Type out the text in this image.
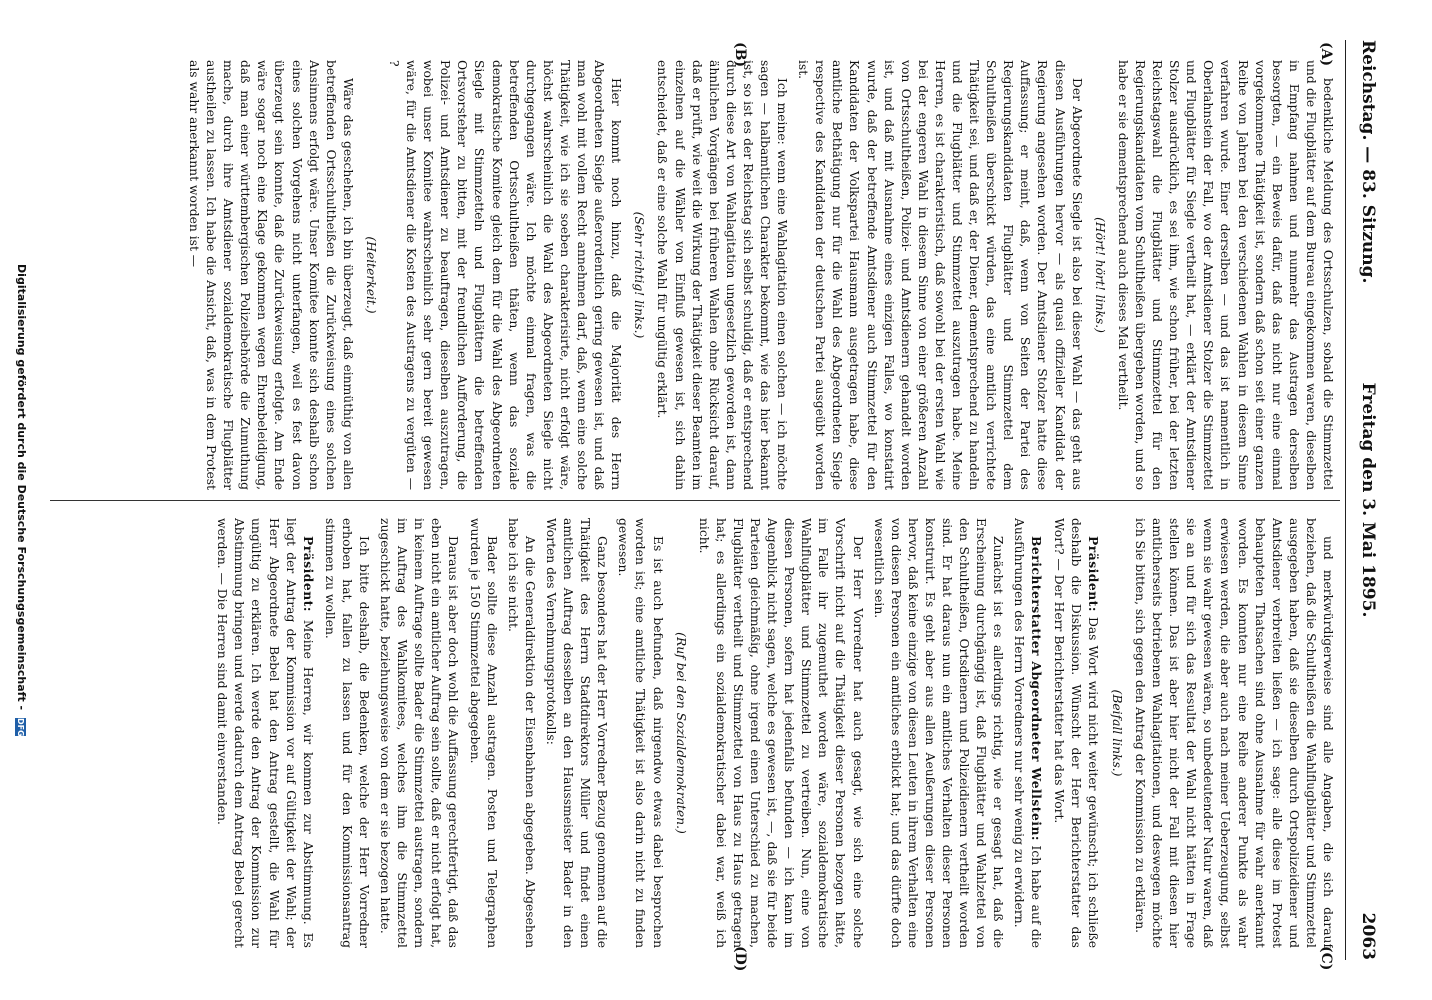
Reichstag. — 83. Sitzung.
Freitag den 3. Mai 1895.
2063
(A)
(B)
(C)
(D)

bedenkliche Meldung des Ortsschulzen, sobald die Stimmzettel und die Flugblätter auf dem Bureau eingekommen waren, dieselben in Empfang nahmen und nunmehr das Austragen derselben besorgten, — ein Beweis dafür, daß das nicht nur eine einmal vorgekommene Thätigkeit ist, sondern daß schon seit einer ganzen Reihe von Jahren bei den verschiedenen Wahlen in diesem Sinne verfahren wurde. Einer derselben — und das ist namentlich in Oberlahnstein der Fall, wo der Amtsdiener Stolzer die Stimmzettel und Flugblätter für Siegle vertheilt hat, — erklärt der Amtsdiener Stolzer ausdrücklich, es sei ihm, wie schon früher, bei der letzten Reichstagswahl die Flugblätter und Stimmzettel für den Regierungskandidaten vom Schultheißen übergeben worden, und so habe er sie dementsprechend auch dieses Mal vertheilt.

(Hört! hört! links.)

Der Abgeordnete Siegle ist also bei dieser Wahl — das geht aus diesen Ausführungen hervor — als quasi offizieller Kandidat der Regierung angesehen worden. Der Amtsdiener Stolzer hatte diese Auffassung; er meint, daß, wenn von Seiten der Partei des Regierungskandidaten Flugblätter und Stimmzettel dem Schultheißen überschickt würden, das eine amtlich verrichtete Thätigkeit sei, und daß er, der Diener, dementsprechend zu handeln und die Flugblätter und Stimmzettel auszutragen habe. Meine Herren, es ist charakteristisch, daß sowohl bei der ersten Wahl wie bei der engeren Wahl in diesem Sinne von einer größeren Anzahl von Ortsschultheißen, Polizei- und Amtsdienern gehandelt worden ist, und daß mit Ausnahme eines einzigen Falles, wo konstatirt wurde, daß der betreffende Amtsdiener auch Stimmzettel für den Kandidaten der Volkspartei Hausmann ausgetragen habe, diese amtliche Bethätigung nur für die Wahl des Abgeordneten Siegle respective des Kandidaten der deutschen Partei ausgeübt worden ist.

Ich meine: wenn eine Wahlagitation einen solchen — ich möchte sagen — halbamtlichen Charakter bekommt, wie das hier bekannt ist, so ist es der Reichstag sich selbst schuldig, daß er entsprechend durch diese Art von Wahlagitation ungesetzlich geworden ist, dann ähnlichen Vorgängen bei früheren Wahlen ohne Rücksicht darauf, daß er prüft, wie weit die Wirkung der Thätigkeit dieser Beamten im einzelnen auf die Wähler von Einfluß gewesen ist, sich dahin entscheidet, daß er eine solche Wahl für ungültig erklärt.

(Sehr richtig! links.)

Hier kommt noch hinzu, daß die Majorität des Herrn Abgeordneten Siegle außerordentlich gering gewesen ist, und daß man wohl mit vollem Recht annehmen darf, daß, wenn eine solche Thätigkeit, wie ich sie soeben charakterisirte, nicht erfolgt wäre, höchst wahrscheinlich die Wahl des Abgeordneten Siegle nicht durchgegangen wäre. Ich möchte einmal fragen, was die betreffenden Ortsschultheißen thäten, wenn das soziale demokratische Komitee gleich dem für die Wahl des Abgeordneten Siegle mit Stimmzetteln und Flugblättern die betreffenden Ortsvorsteher zu bitten, mit der freundlichen Aufforderung, die Polizei- und Amtsdiener zu beauftragen, dieselben auszutragen, wobei unser Komitee wahrscheinlich sehr gern bereit gewesen wäre, für die Amtsdiener die Kosten des Austragens zu vergüten — ?

(Heiterkeit.)

Wäre das geschehen, ich bin überzeugt, daß einmüthig von allen betreffenden Ortsschultheißen die Zurückweisung eines solchen Ansinnens erfolgt wäre. Unser Komitee konnte sich deshalb schon eines solchen Vorgehens nicht unterfangen, weil es fest davon überzeugt sein konnte, daß die Zurückweisung erfolgte. Am Ende wäre sogar noch eine Klage gekommen wegen Ehrenbeleidigung, daß man einer württembergischen Polizeibehörde die Zumuthung mache, durch ihre Amtsdiener sozialdemokratische Flugblätter austheilen zu lassen. Ich habe die Ansicht, daß, was in dem Protest als wahr anerkannt worden ist —

und merkwürdigerweise sind alle Angaben, die sich darauf beziehen, daß die Schultheißen die Wahlflugblätter und Stimmzettel ausgegeben haben, daß sie dieselben durch Ortspolizeidiener und Amtsdiener verbreiten ließen — ich sage: alle diese im Protest behaupteten Thatsachen sind ohne Ausnahme für wahr anerkannt worden. Es konnten nur eine Reihe anderer Punkte als wahr erwiesen werden, die aber auch nach meiner Ueberzeugung, selbst wenn sie wahr gewesen wären, so unbedeutender Natur waren, daß sie an und für sich das Resultat der Wahl nicht hätten in Frage stellen können. Das ist aber hier nicht der Fall mit diesen hier amtlicherseits betriebenen Wahlagitationen, und deswegen möchte ich Sie bitten, sich gegen den Antrag der Kommission zu erklären.

(Beifall links.)

Präsident: Das Wort wird nicht weiter gewünscht; ich schließe deshalb die Diskussion. Wünscht der Herr Berichterstatter das Wort? — Der Herr Berichterstatter hat das Wort.

Berichterstatter Abgeordneter Wellstein: Ich habe auf die Ausführungen des Herrn Vorredners nur sehr wenig zu erwidern.

Zunächst ist es allerdings richtig, wie er gesagt hat, daß die Erscheinung durchgängig ist, daß Flugblätter und Wahlzettel von den Schultheißen, Ortsdienern und Polizeidienern vertheilt worden sind. Er hat daraus nun ein amtliches Verhalten dieser Personen konstruirt. Es geht aber aus allen Aeußerungen dieser Personen hervor, daß keine einzige von diesen Leuten in ihrem Verhalten eine von diesen Personen ein amtliches erblickt hat; und das dürfte doch wesentlich sein.

Der Herr Vorredner hat auch gesagt, wie sich eine solche Vorschrift nicht auf die Thätigkeit dieser Personen bezogen hätte, im Falle ihr zugemuthet worden wäre, sozialdemokratische Wahlflugblätter und Stimmzettel zu vertreiben. Nun, eine von diesen Personen, sofern hat jedenfalls befunden — ich kann im Augenblick nicht sagen, welche es gewesen ist, —, daß sie für beide Parteien gleichmäßig, ohne irgend einen Unterschied zu machen, Flugblätter vertheilt und Stimmzettel von Haus zu Haus getragen hat; es allerdings ein sozialdemokratischer dabei war, weiß ich nicht.

(Ruf bei den Sozialdemokraten.)

Es ist auch befunden, daß nirgendwo etwas dabei besprochen worden ist; eine amtliche Thätigkeit ist also darin nicht zu finden gewesen.

Ganz besonders hat der Herr Vorredner Bezug genommen auf die Thätigkeit des Herrn Stadtdirektors Müller und findet einen amtlichen Auftrag desselben an den Haussmeister Bader in den Worten des Vernehmungsprotokolls:

An die Generaldirektion der Eisenbahnen abgegeben. Abgesehen habe ich sie nicht.

Bader sollte diese Anzahl austragen. Posten und Telegraphen wurden je 150 Stimmzettel abgegeben.

Daraus ist aber doch wohl die Auffassung gerechtfertigt, daß das eben nicht ein amtlicher Auftrag sein sollte, daß er nicht erfolgt hat, in keinem Auftrage sollte Bader die Stimmzettel austragen, sondern im Auftrag des Wahlkomitees, welches ihm die Stimmzettel zugeschickt hatte, beziehungsweise von dem er sie bezogen hatte.

Ich bitte deshalb, die Bedenken, welche der Herr Vorredner erhoben hat, fallen zu lassen und für den Kommissionsantrag stimmen zu wollen.

Präsident: Meine Herren, wir kommen zur Abstimmung. Es liegt der Antrag der Kommission vor auf Gültigkeit der Wahl; der Herr Abgeordnete Bebel hat den Antrag gestellt, die Wahl für ungültig zu erklären. Ich werde den Antrag der Kommission zur Abstimmung bringen und werde dadurch dem Antrag Bebel gerecht werden. — Die Herren sind damit einverstanden.

Digitalisierung gefördert durch die Deutsche Forschungsgemeinschaft - DFG
